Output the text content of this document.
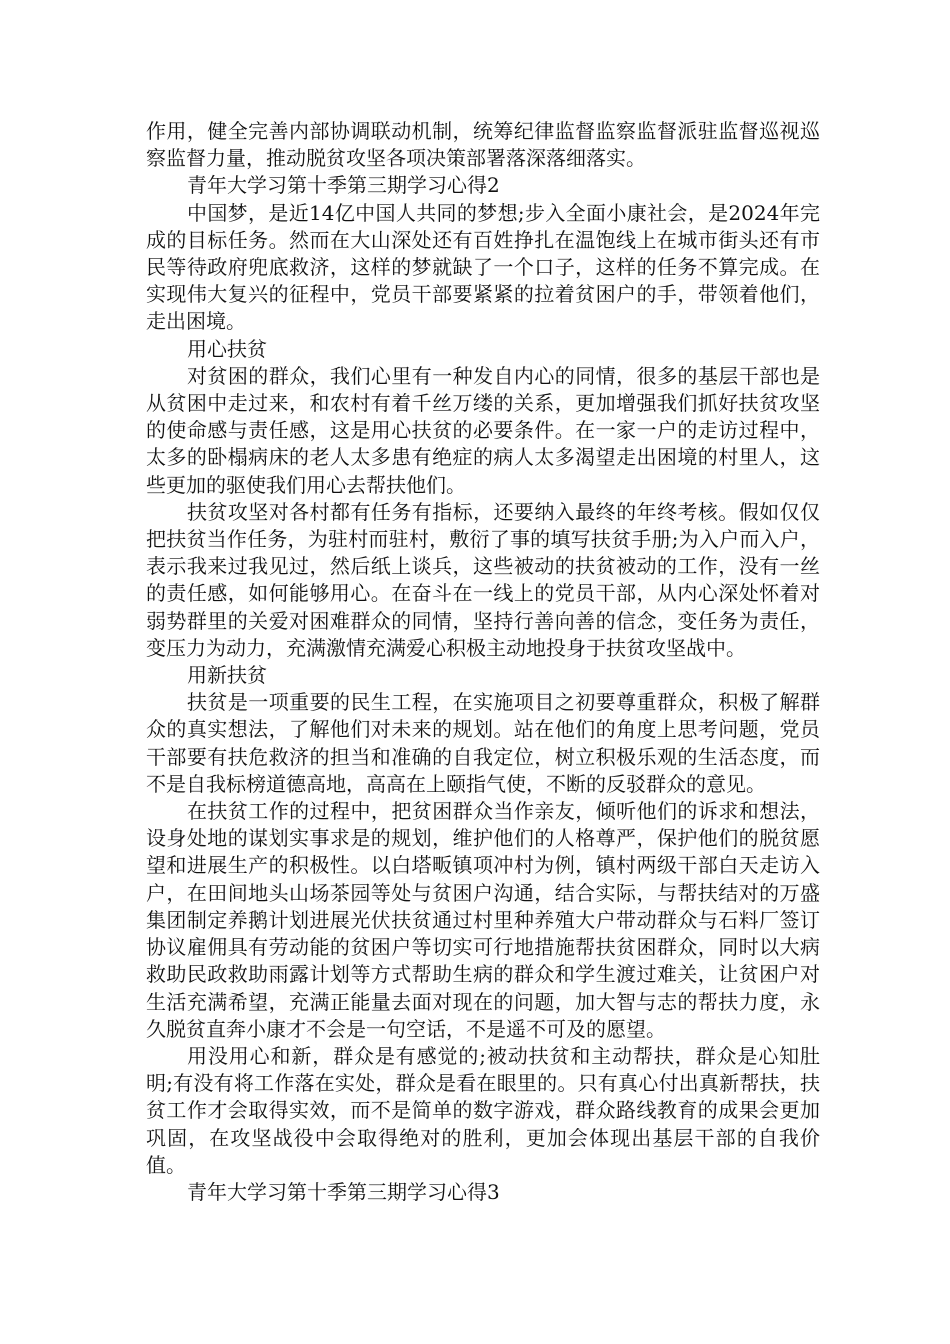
作用，健全完善内部协调联动机制，统筹纪律监督监察监督派驻监督巡视巡察监督力量，推动脱贫攻坚各项决策部署落深落细落实。

青年大学习第十季第三期学习心得2

中国梦，是近14亿中国人共同的梦想;步入全面小康社会，是2024年完成的目标任务。然而在大山深处还有百姓挣扎在温饱线上在城市街头还有市民等待政府兜底救济，这样的梦就缺了一个口子，这样的任务不算完成。在实现伟大复兴的征程中，党员干部要紧紧的拉着贫困户的手，带领着他们，走出困境。

用心扶贫

对贫困的群众，我们心里有一种发自内心的同情，很多的基层干部也是从贫困中走过来，和农村有着千丝万缕的关系，更加增强我们抓好扶贫攻坚的使命感与责任感，这是用心扶贫的必要条件。在一家一户的走访过程中，太多的卧榻病床的老人太多患有绝症的病人太多渴望走出困境的村里人，这些更加的驱使我们用心去帮扶他们。

扶贫攻坚对各村都有任务有指标，还要纳入最终的年终考核。假如仅仅把扶贫当作任务，为驻村而驻村，敷衍了事的填写扶贫手册;为入户而入户，表示我来过我见过，然后纸上谈兵，这些被动的扶贫被动的工作，没有一丝的责任感，如何能够用心。在奋斗在一线上的党员干部，从内心深处怀着对弱势群里的关爱对困难群众的同情，坚持行善向善的信念，变任务为责任，变压力为动力，充满激情充满爱心积极主动地投身于扶贫攻坚战中。

用新扶贫

扶贫是一项重要的民生工程，在实施项目之初要尊重群众，积极了解群众的真实想法，了解他们对未来的规划。站在他们的角度上思考问题，党员干部要有扶危救济的担当和准确的自我定位，树立积极乐观的生活态度，而不是自我标榜道德高地，高高在上颐指气使，不断的反驳群众的意见。

在扶贫工作的过程中，把贫困群众当作亲友，倾听他们的诉求和想法，设身处地的谋划实事求是的规划，维护他们的人格尊严，保护他们的脱贫愿望和进展生产的积极性。以白塔畈镇项冲村为例，镇村两级干部白天走访入户，在田间地头山场茶园等处与贫困户沟通，结合实际，与帮扶结对的万盛集团制定养鹅计划进展光伏扶贫通过村里种养殖大户带动群众与石料厂签订协议雇佣具有劳动能的贫困户等切实可行地措施帮扶贫困群众，同时以大病救助民政救助雨露计划等方式帮助生病的群众和学生渡过难关，让贫困户对生活充满希望，充满正能量去面对现在的问题，加大智与志的帮扶力度，永久脱贫直奔小康才不会是一句空话，不是遥不可及的愿望。

用没用心和新，群众是有感觉的;被动扶贫和主动帮扶，群众是心知肚明;有没有将工作落在实处，群众是看在眼里的。只有真心付出真新帮扶，扶贫工作才会取得实效，而不是简单的数字游戏，群众路线教育的成果会更加巩固，在攻坚战役中会取得绝对的胜利，更加会体现出基层干部的自我价值。

青年大学习第十季第三期学习心得3
